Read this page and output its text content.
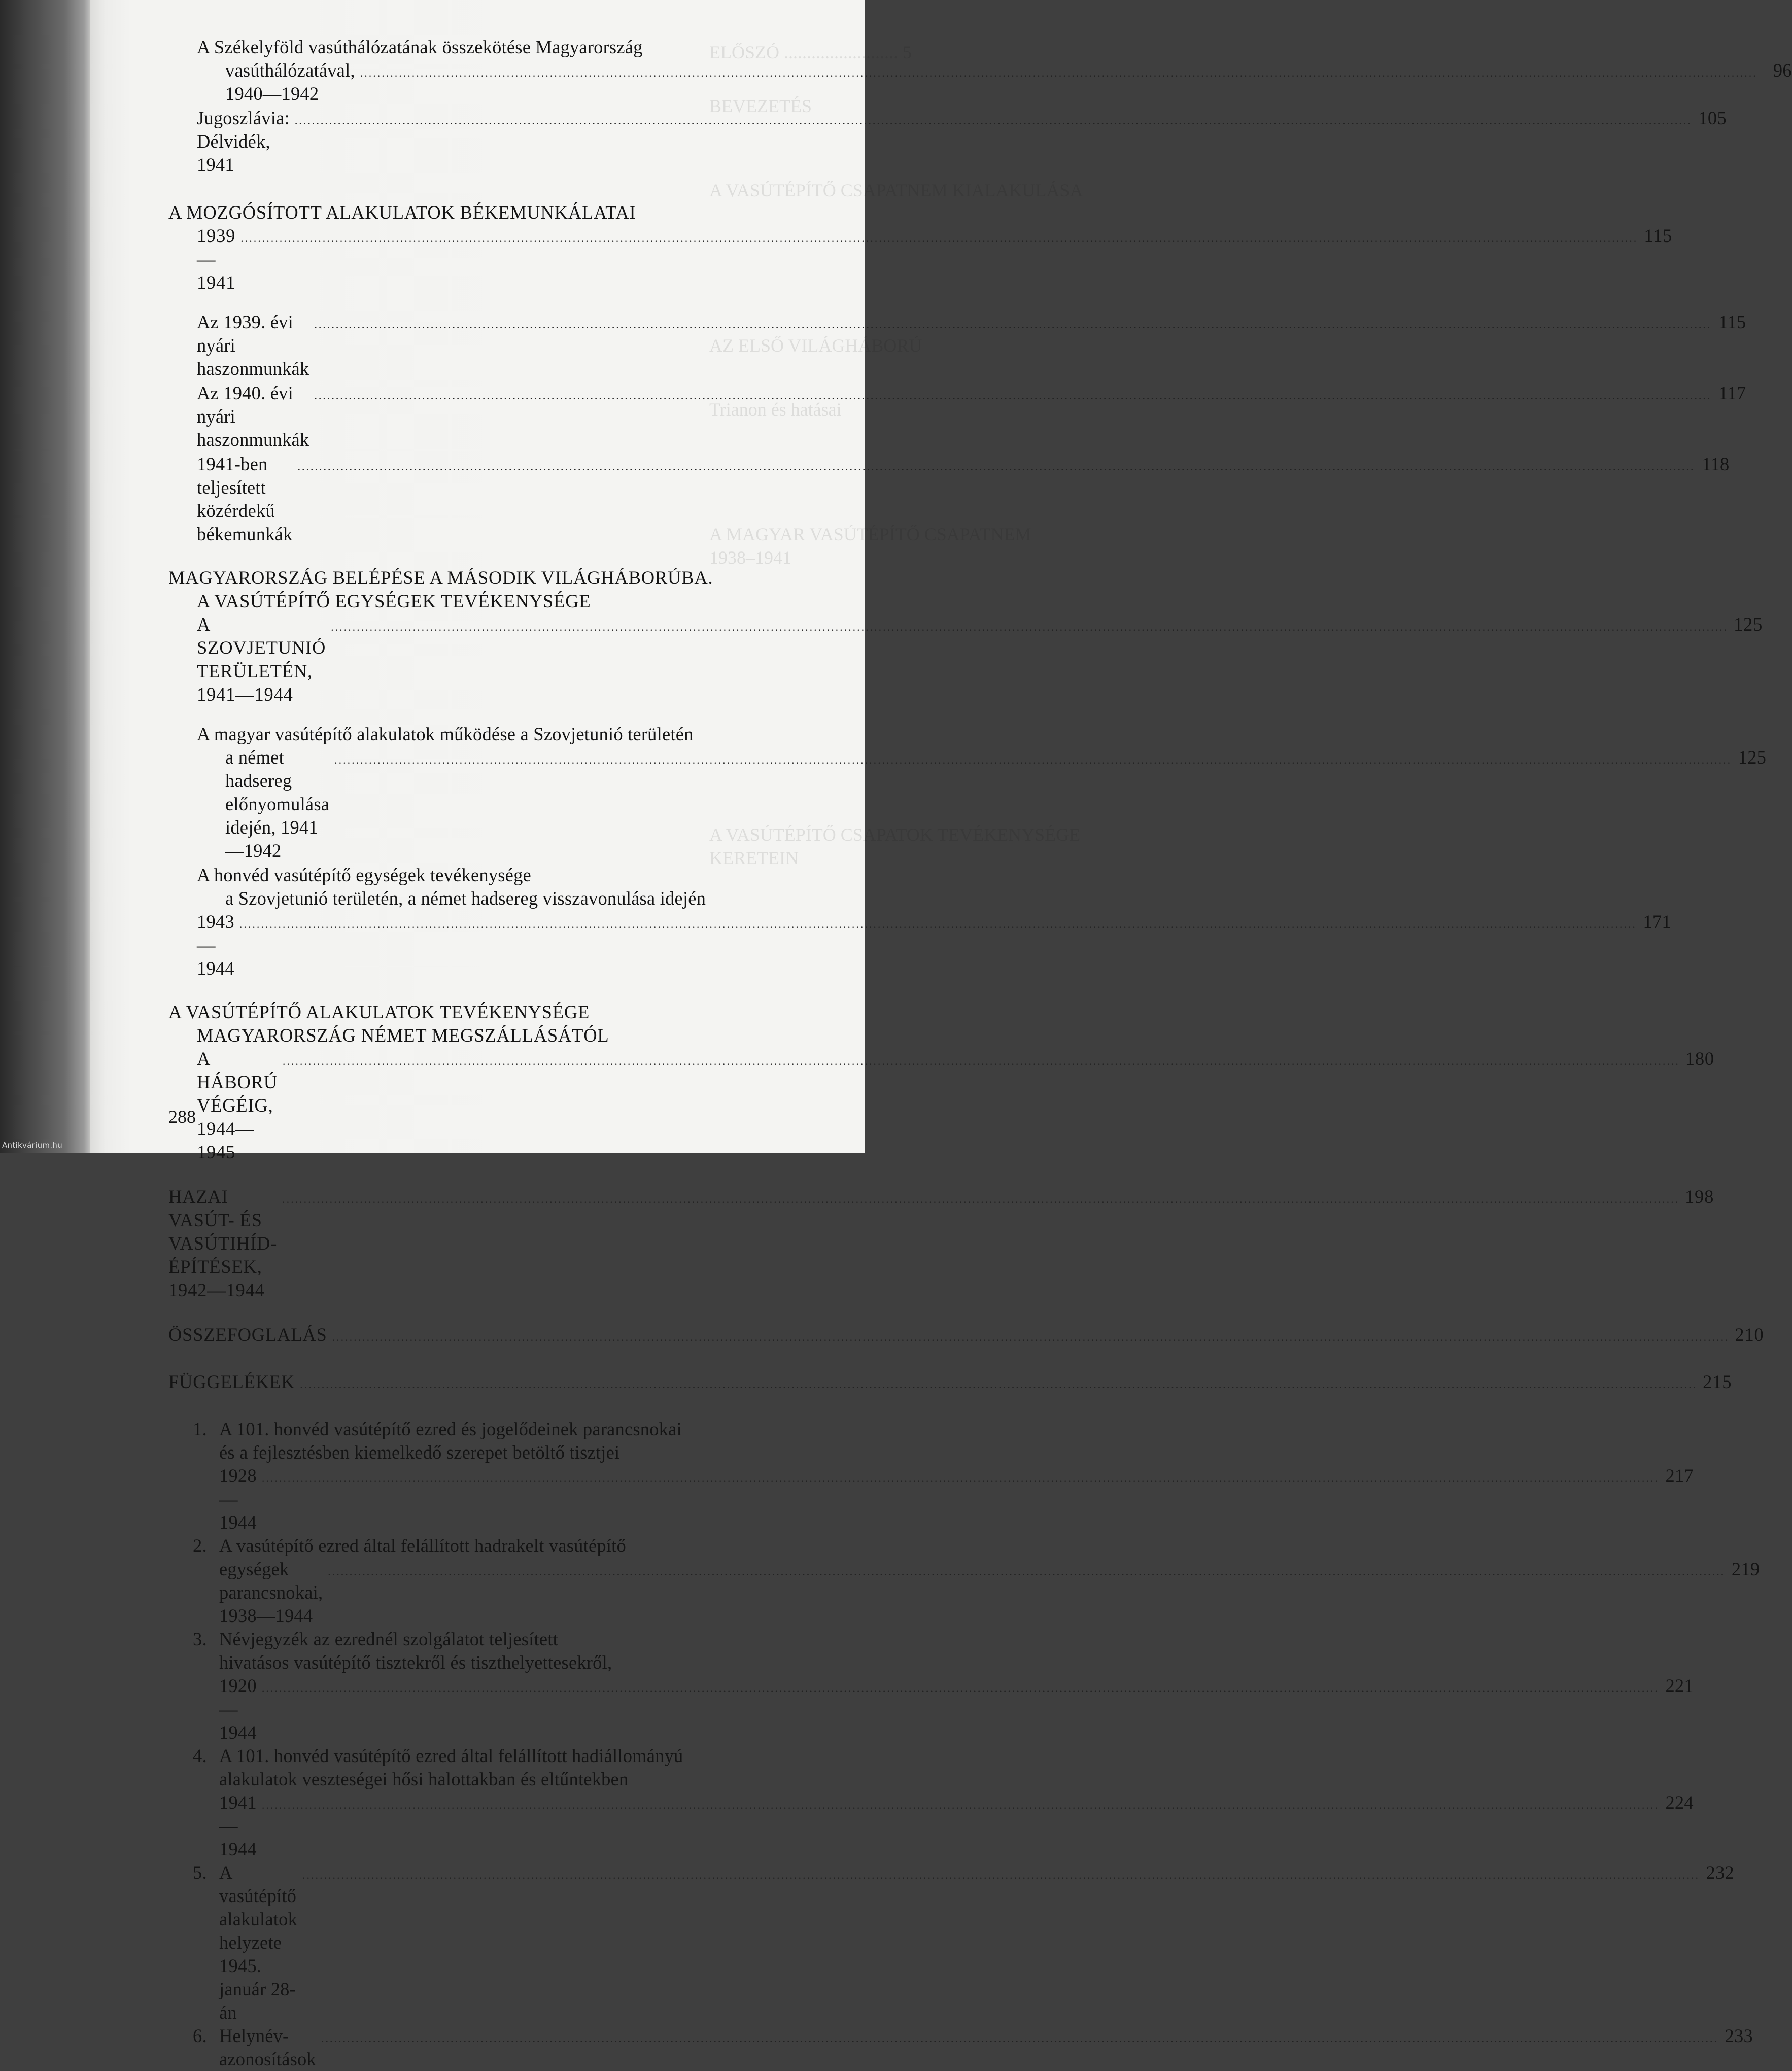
ELŐSZÓ ......................... 5
BEVEZETÉS
A VASÚTÉPÍTŐ CSAPATNEM KIALAKULÁSA
AZ ELSŐ VILÁGHÁBORÚ
Trianon és hatásai
A MAGYAR VASÚTÉPÍTŐ CSAPATNEM
1938–1941
A VASÚTÉPÍTŐ CSAPATOK TEVÉKENYSÉGE
KERETEIN
A Székelyföld vasúthálózatának összekötése Magyarország
vasúthálózatával, 1940—1942
.....
96
Jugoszlávia: Délvidék, 1941
.....
105
A MOZGÓSÍTOTT ALAKULATOK BÉKEMUNKÁLATAI
1939—1941
.....
115
Az 1939. évi nyári haszonmunkák
.....
115
Az 1940. évi nyári haszonmunkák
.....
117
1941-ben teljesített közérdekű békemunkák
.....
118
MAGYARORSZÁG BELÉPÉSE A MÁSODIK VILÁGHÁBORÚBA.
A VASÚTÉPÍTŐ EGYSÉGEK TEVÉKENYSÉGE
A SZOVJETUNIÓ TERÜLETÉN, 1941—1944
.....
125
A magyar vasútépítő alakulatok működése a Szovjetunió területén
a német hadsereg előnyomulása idején, 1941—1942
.....
125
A honvéd vasútépítő egységek tevékenysége
a Szovjetunió területén, a német hadsereg visszavonulása idején
1943—1944
.....
171
A VASÚTÉPÍTŐ ALAKULATOK TEVÉKENYSÉGE
MAGYARORSZÁG NÉMET MEGSZÁLLÁSÁTÓL
A HÁBORÚ VÉGÉIG, 1944—1945
.....
180
HAZAI VASÚT- ÉS VASÚTIHÍD-ÉPÍTÉSEK, 1942—1944
.....
198
ÖSSZEFOGLALÁS .....	210
FÜGGELÉKEK .....	215
1. A 101. honvéd vasútépítő ezred és jogelődeinek parancsnokai
és a fejlesztésben kiemelkedő szerepet betöltő tisztjei
1928—1944
.....
217
2. A vasútépítő ezred által felállított hadrakelt vasútépítő
egységek parancsnokai, 1938—1944
.....
219
3. Névjegyzék az ezrednél szolgálatot teljesített
hivatásos vasútépítő tisztekről és tiszthelyettesekről,
1920—1944
.....
221
4. A 101. honvéd vasútépítő ezred által felállított hadiállományú
alakulatok veszteségei hősi halottakban és eltűntekben
1941—1944
.....
224
5. A vasútépítő alakulatok helyzete 1945. január 28-án
.....
232
6. Helynév-azonosítások
.....
233
288
Antikvárium.hu
